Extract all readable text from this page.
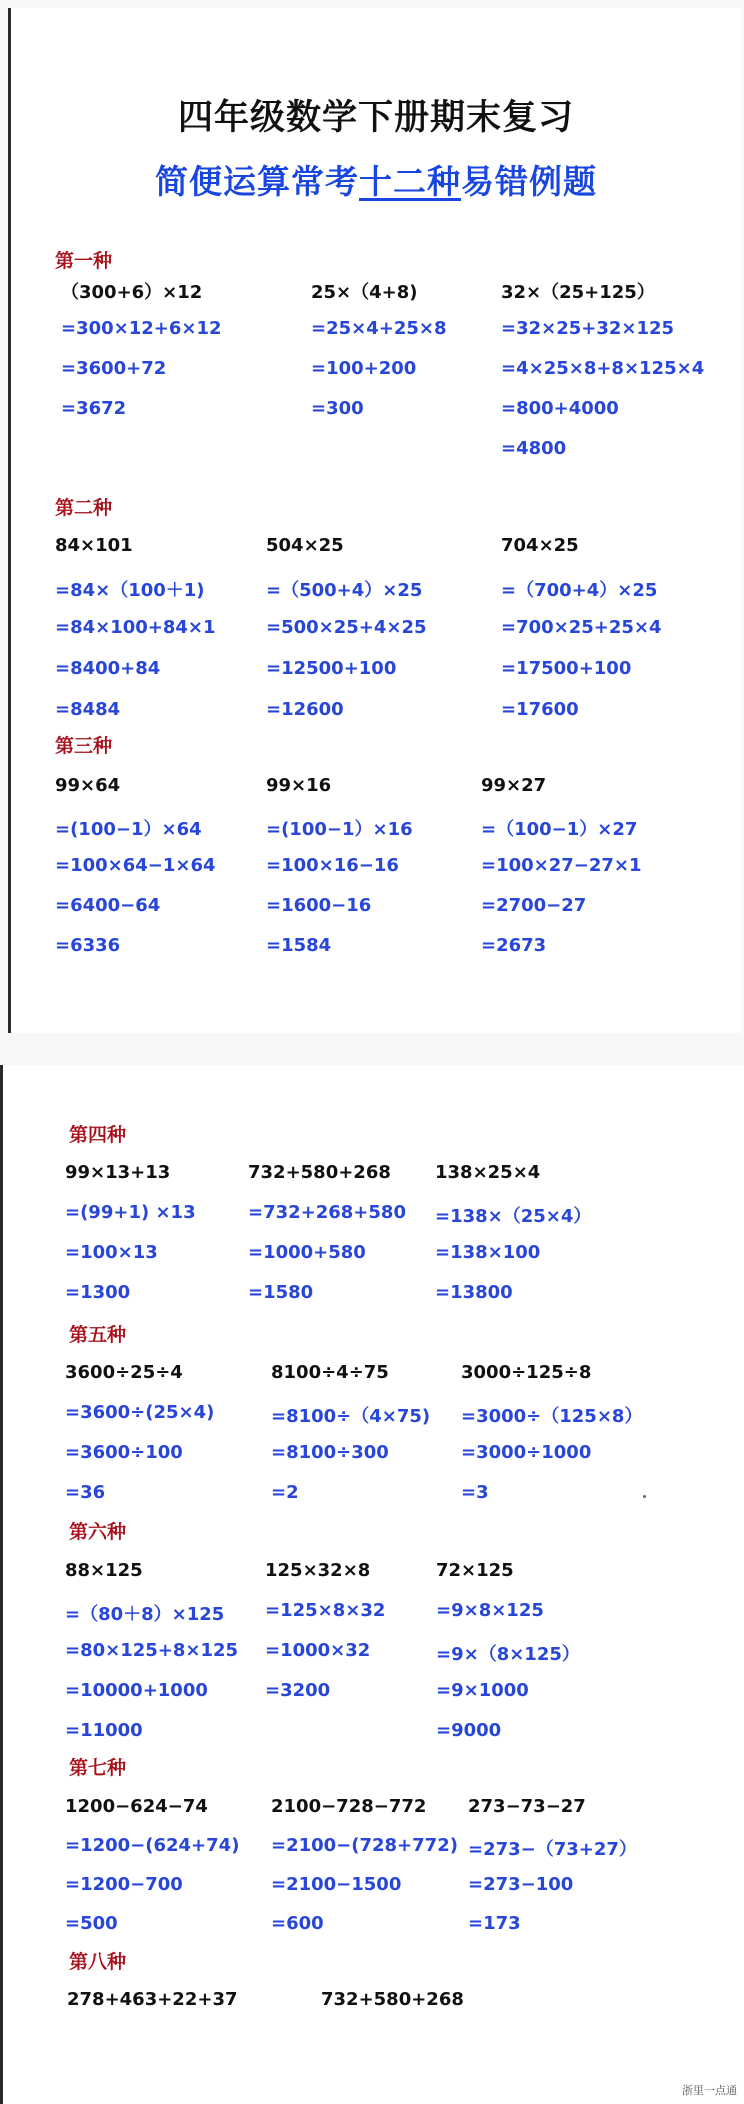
四年级数学下册期末复习
简便运算常考十二种易错例题
第一种
（300+6）×12
=300×12+6×12
=3600+72
=3672
25×（4+8)
=25×4+25×8
=100+200
=300
32×（25+125）
=32×25+32×125
=4×25×8+8×125×4
=800+4000
=4800
第二种
84×101
=84×（100＋1)
=84×100+84×1
=8400+84
=8484
504×25
=（500+4）×25
=500×25+4×25
=12500+100
=12600
704×25
=（700+4）×25
=700×25+25×4
=17500+100
=17600
第三种
99×64
=(100−1）×64
=100×64−1×64
=6400−64
=6336
99×16
=(100−1）×16
=100×16−16
=1600−16
=1584
99×27
=（100−1）×27
=100×27−27×1
=2700−27
=2673
第四种
99×13+13
=(99+1) ×13
=100×13
=1300
732+580+268
=732+268+580
=1000+580
=1580
138×25×4
=138×（25×4）
=138×100
=13800
第五种
3600÷25÷4
=3600÷(25×4)
=3600÷100
=36
8100÷4÷75
=8100÷（4×75)
=8100÷300
=2
3000÷125÷8
=3000÷（125×8）
=3000÷1000
=3
第六种
88×125
=（80＋8）×125
=80×125+8×125
=10000+1000
=11000
125×32×8
=125×8×32
=1000×32
=3200
72×125
=9×8×125
=9×（8×125）
=9×1000
=9000
第七种
1200−624−74
=1200−(624+74)
=1200−700
=500
2100−728−772
=2100−(728+772)
=2100−1500
=600
273−73−27
=273−（73+27）
=273−100
=173
第八种
278+463+22+37	732+580+268
浙里一点通
